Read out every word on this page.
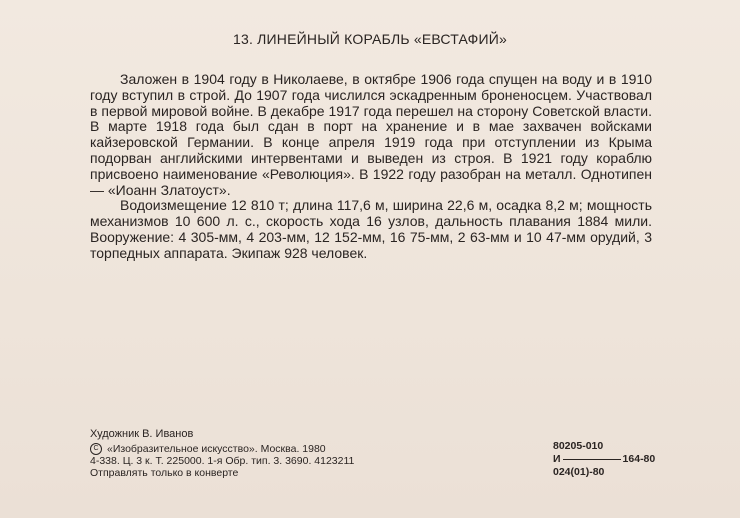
13. ЛИНЕЙНЫЙ КОРАБЛЬ «ЕВСТАФИЙ»

Заложен в 1904 году в Николаеве, в октябре 1906 года спущен на воду и в 1910 году вступил в строй. До 1907 года числился эскадренным броненосцем. Участвовал в первой мировой войне. В декабре 1917 года перешел на сторону Советской власти. В марте 1918 года был сдан в порт на хранение и в мае захвачен войсками кайзеровской Германии. В конце апреля 1919 года при отступлении из Крыма подорван английскими интервентами и выведен из строя. В 1921 году кораблю присвоено наименование «Революция». В 1922 году разобран на металл. Однотипен — «Иоанн Златоуст».

Водоизмещение 12 810 т; длина 117,6 м, ширина 22,6 м, осадка 8,2 м; мощность механизмов 10 600 л. с., скорость хода 16 узлов, дальность плавания 1884 мили. Вооружение: 4 305-мм, 4 203-мм, 12 152-мм, 16 75-мм, 2 63-мм и 10 47-мм орудий, 3 торпедных аппарата. Экипаж 928 человек.

Художник В. Иванов
C «Изобразительное искусство». Москва. 1980
4-338. Ц. 3 к. Т. 225000. 1-я Обр. тип. 3. 3690. 4123211
Отправлять только в конверте
80205-010
И	164-80
024(01)-80
